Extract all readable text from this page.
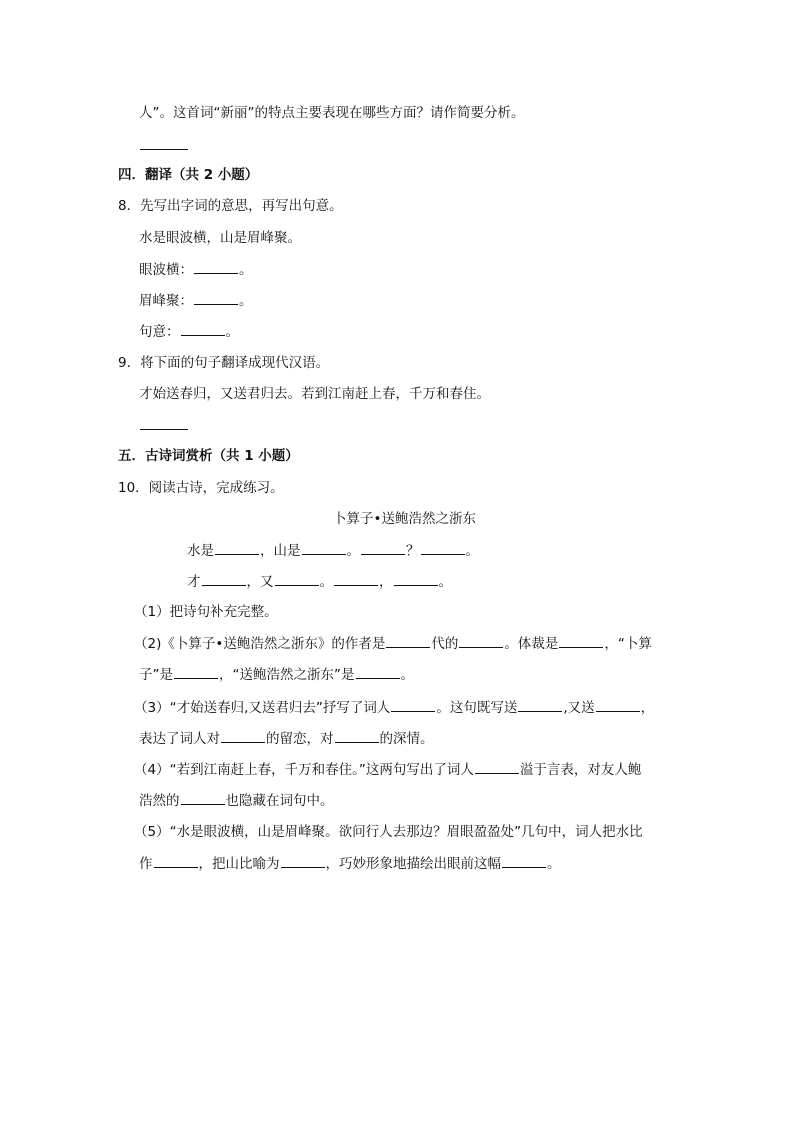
人”。这首词“新丽”的特点主要表现在哪些方面？请作简要分析。
四．翻译（共 2 小题）
8．先写出字词的意思，再写出句意。
水是眼波横，山是眉峰聚。
眼波横：	。
眉峰聚：	。
句意：	。
9．将下面的句子翻译成现代汉语。
才始送春归，又送君归去。若到江南赶上春，千万和春住。
五．古诗词赏析（共 1 小题）
10．阅读古诗，完成练习。
卜算子•送鲍浩然之浙东
水是	，山是	。	？	。
才	，又	。	，	。
（1）把诗句补充完整。
（2)《卜算子•送鲍浩然之浙东》的作者是	代的	。体裁是	，“卜算
子”是	，“送鲍浩然之浙东”是	。
（3）“才始送春归,又送君归去”抒写了词人	。这句既写送	,又送	，
表达了词人对	的留恋，对	的深情。
（4）“若到江南赶上春，千万和春住。”这两句写出了词人	溢于言表，对友人鲍
浩然的	也隐藏在词句中。
（5）“水是眼波横，山是眉峰聚。欲问行人去那边？眉眼盈盈处”几句中，词人把水比
作	，把山比喻为	，巧妙形象地描绘出眼前这幅	。
